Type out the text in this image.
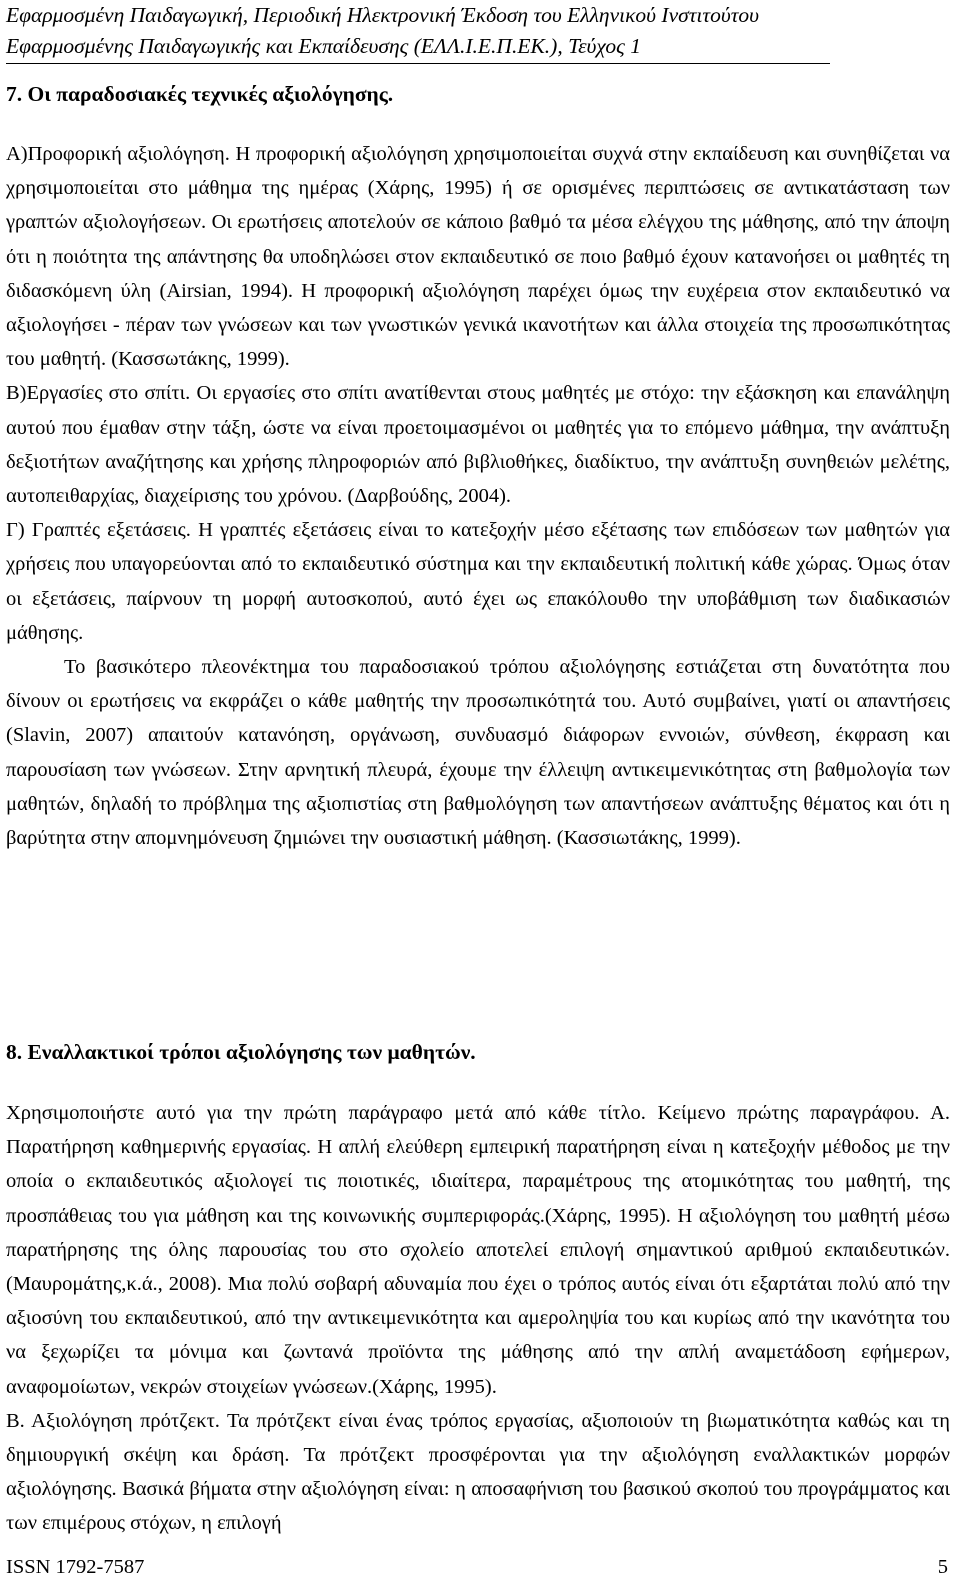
Εφαρμοσμένη Παιδαγωγική, Περιοδική Ηλεκτρονική Έκδοση του Ελληνικού Ινστιτούτου
Εφαρμοσμένης Παιδαγωγικής και Εκπαίδευσης (ΕΛΛ.Ι.Ε.Π.ΕΚ.), Τεύχος 1
7. Οι παραδοσιακές τεχνικές αξιολόγησης.

Α)Προφορική αξιολόγηση. Η προφορική αξιολόγηση χρησιμοποιείται συχνά στην εκπαίδευση και συνηθίζεται να χρησιμοποιείται στο μάθημα της ημέρας (Χάρης, 1995) ή σε ορισμένες περιπτώσεις σε αντικατάσταση των γραπτών αξιολογήσεων. Οι ερωτήσεις αποτελούν σε κάποιο βαθμό τα μέσα ελέγχου της μάθησης, από την άποψη ότι η ποιότητα της απάντησης θα υποδηλώσει στον εκπαιδευτικό σε ποιο βαθμό έχουν κατανοήσει οι μαθητές τη διδασκόμενη ύλη (Airsian, 1994). Η προφορική αξιολόγηση παρέχει όμως την ευχέρεια στον εκπαιδευτικό να αξιολογήσει - πέραν των γνώσεων και των γνωστικών γενικά ικανοτήτων και άλλα στοιχεία της προσωπικότητας του μαθητή. (Κασσωτάκης, 1999).

Β)Εργασίες στο σπίτι. Οι εργασίες στο σπίτι ανατίθενται στους μαθητές με στόχο: την εξάσκηση και επανάληψη αυτού που έμαθαν στην τάξη, ώστε να είναι προετοιμασμένοι οι μαθητές για το επόμενο μάθημα, την ανάπτυξη δεξιοτήτων αναζήτησης και χρήσης πληροφοριών από βιβλιοθήκες, διαδίκτυο, την ανάπτυξη συνηθειών μελέτης, αυτοπειθαρχίας, διαχείρισης του χρόνου. (Δαρβούδης, 2004).

Γ) Γραπτές εξετάσεις. Η γραπτές εξετάσεις είναι το κατεξοχήν μέσο εξέτασης των επιδόσεων των μαθητών για χρήσεις που υπαγορεύονται από το εκπαιδευτικό σύστημα και την εκπαιδευτική πολιτική κάθε χώρας. Όμως όταν οι εξετάσεις, παίρνουν τη μορφή αυτοσκοπού, αυτό έχει ως επακόλουθο την υποβάθμιση των διαδικασιών μάθησης.

Το βασικότερο πλεονέκτημα του παραδοσιακού τρόπου αξιολόγησης εστιάζεται στη δυνατότητα που δίνουν οι ερωτήσεις να εκφράζει ο κάθε μαθητής την προσωπικότητά του. Αυτό συμβαίνει, γιατί οι απαντήσεις (Slavin, 2007) απαιτούν κατανόηση, οργάνωση, συνδυασμό διάφορων εννοιών, σύνθεση, έκφραση και παρουσίαση των γνώσεων. Στην αρνητική πλευρά, έχουμε την έλλειψη αντικειμενικότητας στη βαθμολογία των μαθητών, δηλαδή το πρόβλημα της αξιοπιστίας στη βαθμολόγηση των απαντήσεων ανάπτυξης θέματος και ότι η βαρύτητα στην απομνημόνευση ζημιώνει την ουσιαστική μάθηση. (Κασσιωτάκης, 1999).

8. Εναλλακτικοί τρόποι αξιολόγησης των μαθητών.

Χρησιμοποιήστε αυτό για την πρώτη παράγραφο μετά από κάθε τίτλο. Κείμενο πρώτης παραγράφου. Α. Παρατήρηση καθημερινής εργασίας. Η απλή ελεύθερη εμπειρική παρατήρηση είναι η κατεξοχήν μέθοδος με την οποία ο εκπαιδευτικός αξιολογεί τις ποιοτικές, ιδιαίτερα, παραμέτρους της ατομικότητας του μαθητή, της προσπάθειας του για μάθηση και της κοινωνικής συμπεριφοράς.(Χάρης, 1995). Η αξιολόγηση του μαθητή μέσω παρατήρησης της όλης παρουσίας του στο σχολείο αποτελεί επιλογή σημαντικού αριθμού εκπαιδευτικών. (Μαυρομάτης,κ.ά., 2008). Μια πολύ σοβαρή αδυναμία που έχει ο τρόπος αυτός είναι ότι εξαρτάται πολύ από την αξιοσύνη του εκπαιδευτικού, από την αντικειμενικότητα και αμεροληψία του και κυρίως από την ικανότητα του να ξεχωρίζει τα μόνιμα και ζωντανά προϊόντα της μάθησης από την απλή αναμετάδοση εφήμερων, αναφομοίωτων, νεκρών στοιχείων γνώσεων.(Χάρης, 1995).

Β. Αξιολόγηση πρότζεκτ. Τα πρότζεκτ είναι ένας τρόπος εργασίας, αξιοποιούν τη βιωματικότητα καθώς και τη δημιουργική σκέψη και δράση. Τα πρότζεκτ προσφέρονται για την αξιολόγηση εναλλακτικών μορφών αξιολόγησης. Βασικά βήματα στην αξιολόγηση είναι: η αποσαφήνιση του βασικού σκοπού του προγράμματος και των επιμέρους στόχων, η επιλογή

ISSN 1792-7587	5
